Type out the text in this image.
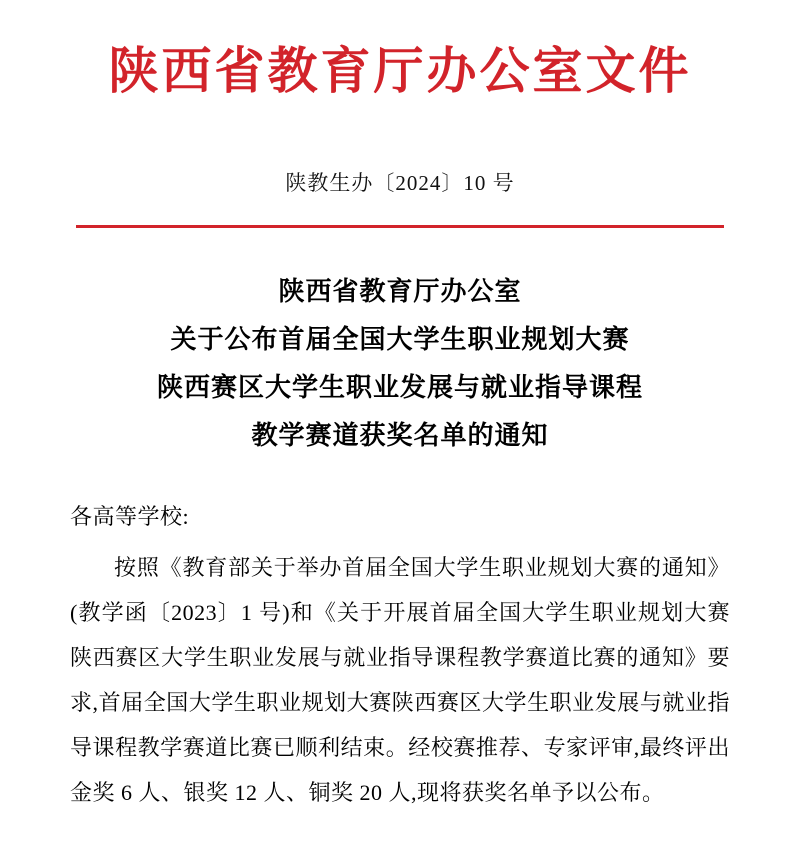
陕西省教育厅办公室文件
陕教生办〔2024〕10 号
陕西省教育厅办公室
关于公布首届全国大学生职业规划大赛
陕西赛区大学生职业发展与就业指导课程
教学赛道获奖名单的通知
各高等学校:
按照《教育部关于举办首届全国大学生职业规划大赛的通知》(教学函〔2023〕1 号)和《关于开展首届全国大学生职业规划大赛陕西赛区大学生职业发展与就业指导课程教学赛道比赛的通知》要求,首届全国大学生职业规划大赛陕西赛区大学生职业发展与就业指导课程教学赛道比赛已顺利结束。经校赛推荐、专家评审,最终评出金奖 6 人、银奖 12 人、铜奖 20 人,现将获奖名单予以公布。
